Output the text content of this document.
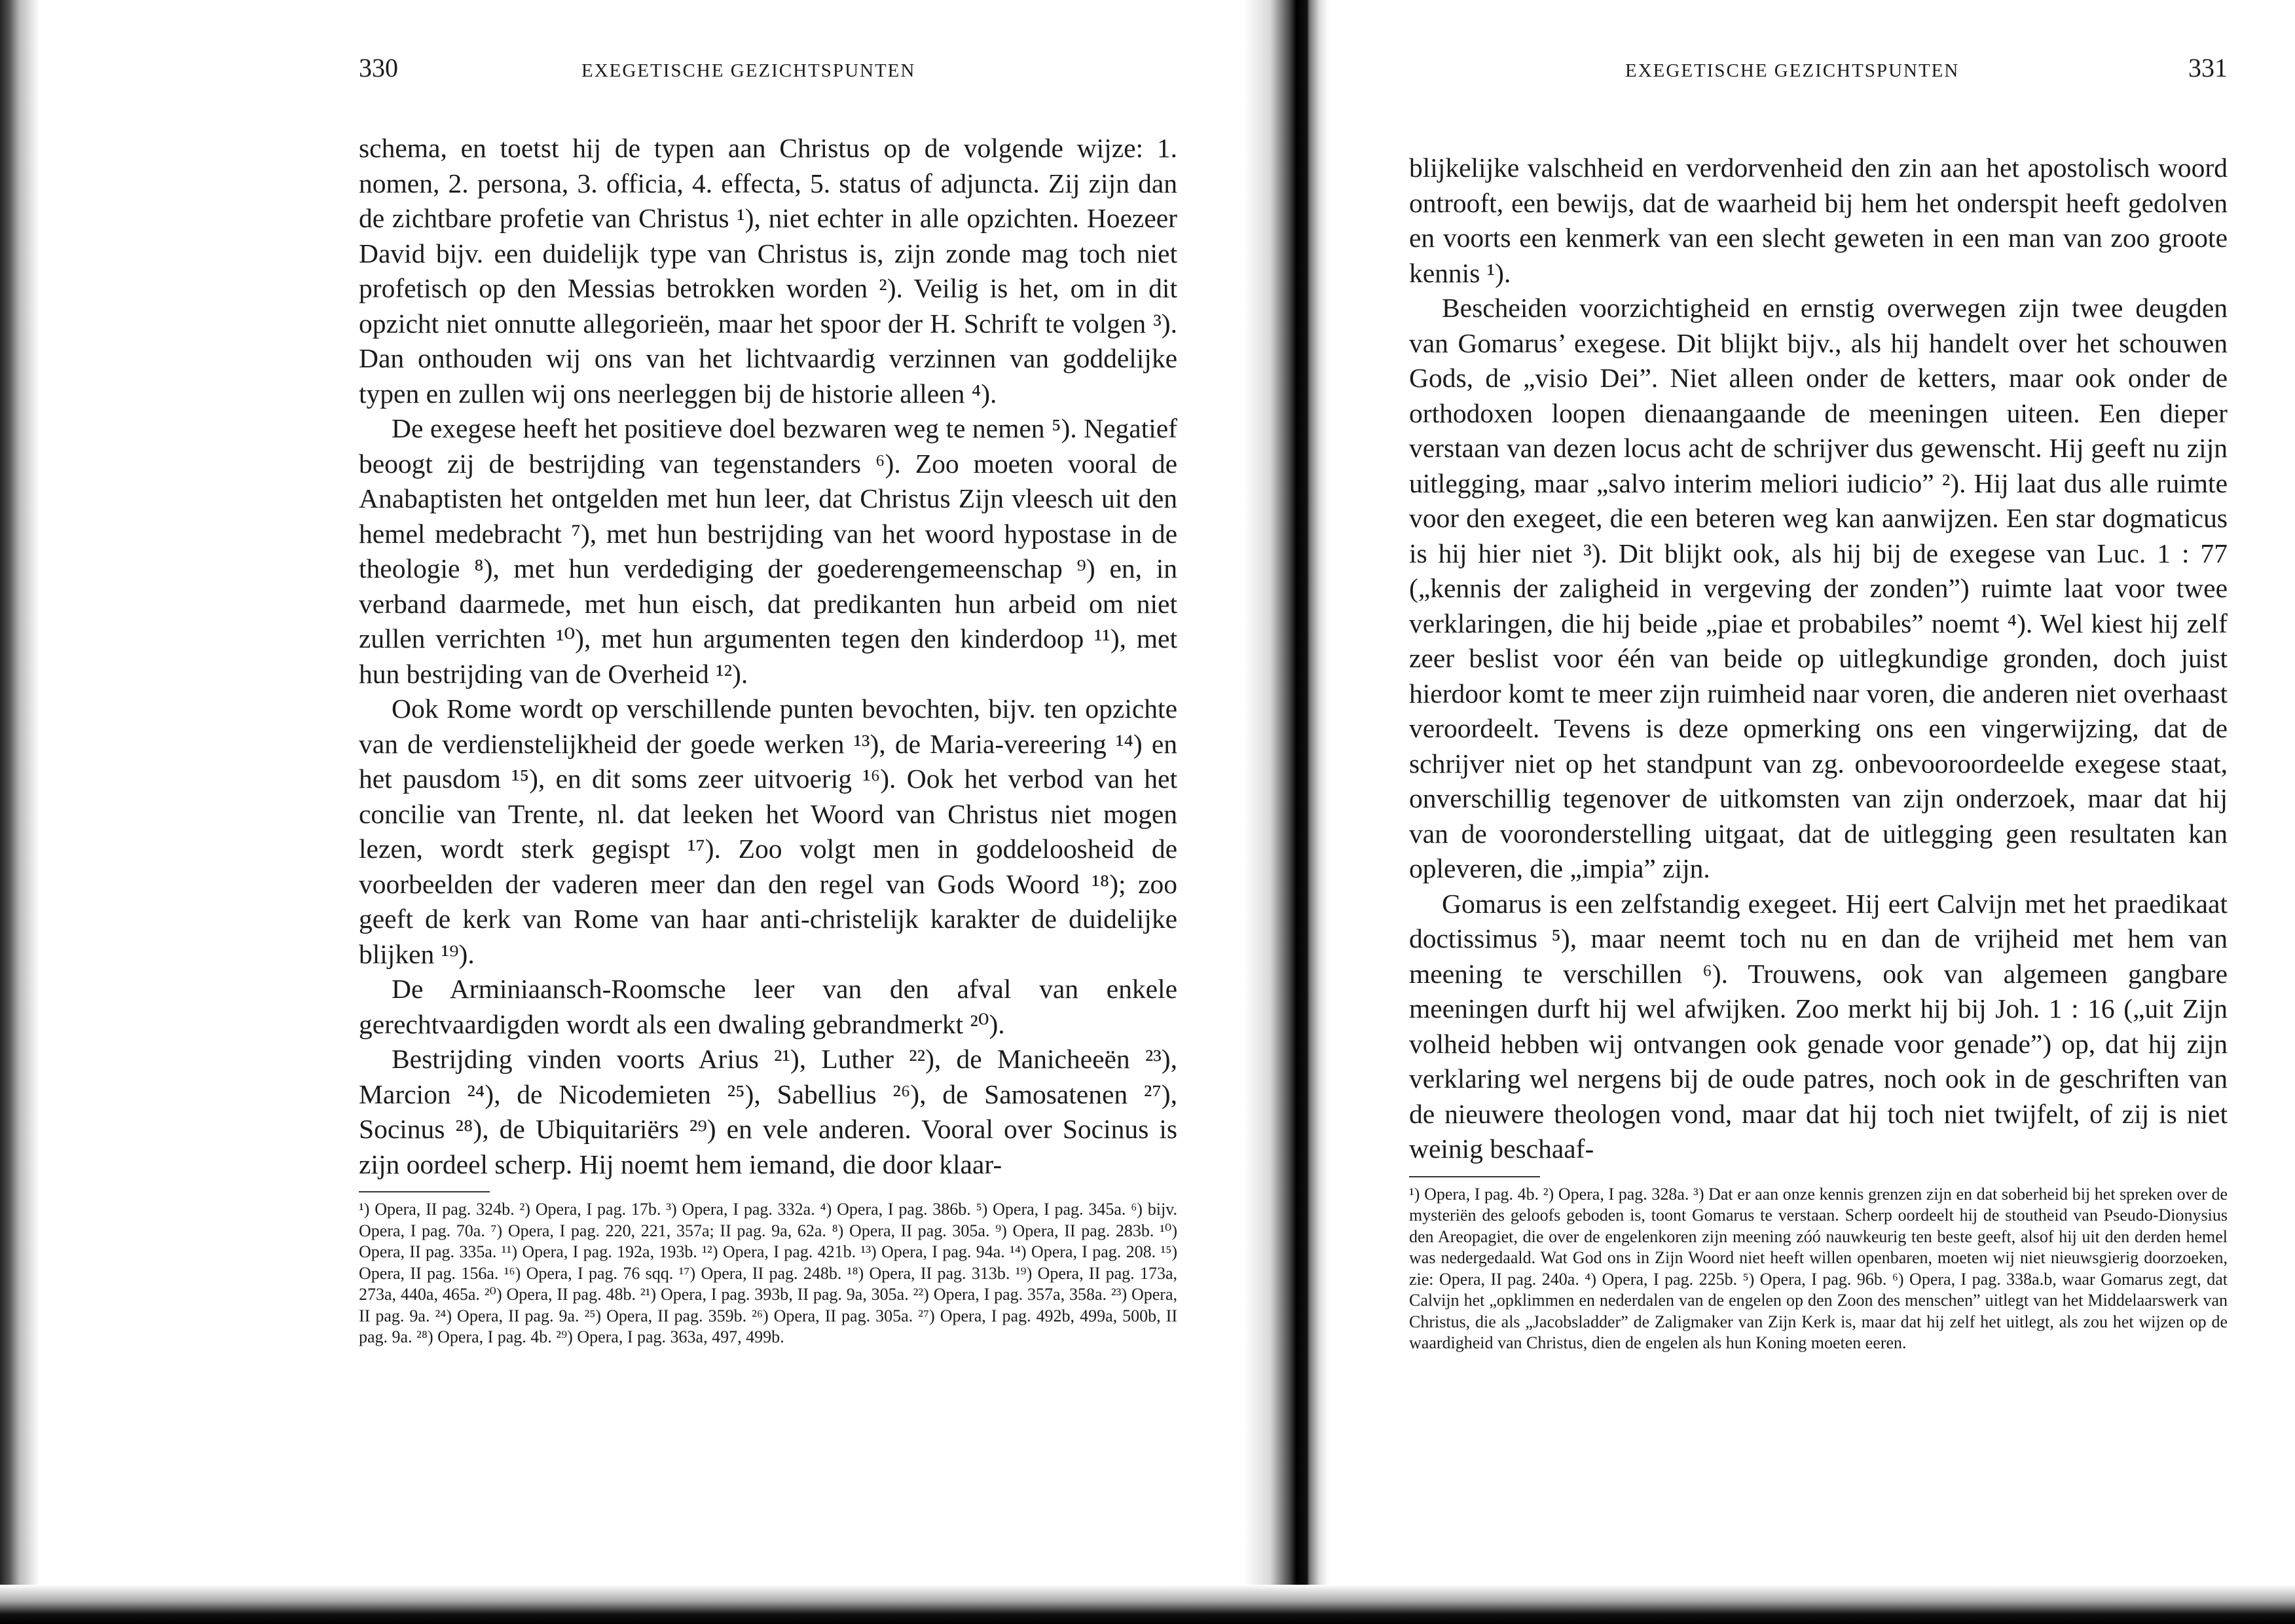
330	EXEGETISCHE GEZICHTSPUNTEN

schema, en toetst hij de typen aan Christus op de volgende wijze: 1. nomen, 2. persona, 3. officia, 4. effecta, 5. status of adjuncta. Zij zijn dan de zichtbare profetie van Christus ¹), niet echter in alle opzichten. Hoezeer David bijv. een duidelijk type van Christus is, zijn zonde mag toch niet profetisch op den Messias betrokken worden ²). Veilig is het, om in dit opzicht niet onnutte allegorieën, maar het spoor der H. Schrift te volgen ³). Dan onthouden wij ons van het lichtvaardig verzinnen van goddelijke typen en zullen wij ons neerleggen bij de historie alleen ⁴).

De exegese heeft het positieve doel bezwaren weg te nemen ⁵). Negatief beoogt zij de bestrijding van tegenstanders ⁶). Zoo moeten vooral de Anabaptisten het ontgelden met hun leer, dat Christus Zijn vleesch uit den hemel medebracht ⁷), met hun bestrijding van het woord hypostase in de theologie ⁸), met hun verdediging der goederengemeenschap ⁹) en, in verband daarmede, met hun eisch, dat predikanten hun arbeid om niet zullen verrichten ¹⁰), met hun argumenten tegen den kinderdoop ¹¹), met hun bestrijding van de Overheid ¹²).

Ook Rome wordt op verschillende punten bevochten, bijv. ten opzichte van de verdienstelijkheid der goede werken ¹³), de Maria-vereering ¹⁴) en het pausdom ¹⁵), en dit soms zeer uitvoerig ¹⁶). Ook het verbod van het concilie van Trente, nl. dat leeken het Woord van Christus niet mogen lezen, wordt sterk gegispt ¹⁷). Zoo volgt men in goddeloosheid de voorbeelden der vaderen meer dan den regel van Gods Woord ¹⁸); zoo geeft de kerk van Rome van haar anti-christelijk karakter de duidelijke blijken ¹⁹).

De Arminiaansch-Roomsche leer van den afval van enkele gerechtvaardigden wordt als een dwaling gebrandmerkt ²⁰).

Bestrijding vinden voorts Arius ²¹), Luther ²²), de Manicheeën ²³), Marcion ²⁴), de Nicodemieten ²⁵), Sabellius ²⁶), de Samosatenen ²⁷), Socinus ²⁸), de Ubiquitariërs ²⁹) en vele anderen. Vooral over Socinus is zijn oordeel scherp. Hij noemt hem iemand, die door klaar-

¹) Opera, II pag. 324b. ²) Opera, I pag. 17b. ³) Opera, I pag. 332a. ⁴) Opera, I pag. 386b. ⁵) Opera, I pag. 345a. ⁶) bijv. Opera, I pag. 70a. ⁷) Opera, I pag. 220, 221, 357a; II pag. 9a, 62a. ⁸) Opera, II pag. 305a. ⁹) Opera, II pag. 283b. ¹⁰) Opera, II pag. 335a. ¹¹) Opera, I pag. 192a, 193b. ¹²) Opera, I pag. 421b. ¹³) Opera, I pag. 94a. ¹⁴) Opera, I pag. 208. ¹⁵) Opera, II pag. 156a. ¹⁶) Opera, I pag. 76 sqq. ¹⁷) Opera, II pag. 248b. ¹⁸) Opera, II pag. 313b. ¹⁹) Opera, II pag. 173a, 273a, 440a, 465a. ²⁰) Opera, II pag. 48b. ²¹) Opera, I pag. 393b, II pag. 9a, 305a. ²²) Opera, I pag. 357a, 358a. ²³) Opera, II pag. 9a. ²⁴) Opera, II pag. 9a. ²⁵) Opera, II pag. 359b. ²⁶) Opera, II pag. 305a. ²⁷) Opera, I pag. 492b, 499a, 500b, II pag. 9a. ²⁸) Opera, I pag. 4b. ²⁹) Opera, I pag. 363a, 497, 499b.

EXEGETISCHE GEZICHTSPUNTEN	331

blijkelijke valschheid en verdorvenheid den zin aan het apostolisch woord ontrooft, een bewijs, dat de waarheid bij hem het onderspit heeft gedolven en voorts een kenmerk van een slecht geweten in een man van zoo groote kennis ¹).

Bescheiden voorzichtigheid en ernstig overwegen zijn twee deugden van Gomarus’ exegese. Dit blijkt bijv., als hij handelt over het schouwen Gods, de „visio Dei”. Niet alleen onder de ketters, maar ook onder de orthodoxen loopen dienaangaande de meeningen uiteen. Een dieper verstaan van dezen locus acht de schrijver dus gewenscht. Hij geeft nu zijn uitlegging, maar „salvo interim meliori iudicio” ²). Hij laat dus alle ruimte voor den exegeet, die een beteren weg kan aanwijzen. Een star dogmaticus is hij hier niet ³). Dit blijkt ook, als hij bij de exegese van Luc. 1 : 77 („kennis der zaligheid in vergeving der zonden”) ruimte laat voor twee verklaringen, die hij beide „piae et probabiles” noemt ⁴). Wel kiest hij zelf zeer beslist voor één van beide op uitlegkundige gronden, doch juist hierdoor komt te meer zijn ruimheid naar voren, die anderen niet overhaast veroordeelt. Tevens is deze opmerking ons een vingerwijzing, dat de schrijver niet op het standpunt van zg. onbevooroordeelde exegese staat, onverschillig tegenover de uitkomsten van zijn onderzoek, maar dat hij van de vooronderstelling uitgaat, dat de uitlegging geen resultaten kan opleveren, die „impia” zijn.

Gomarus is een zelfstandig exegeet. Hij eert Calvijn met het praedikaat doctissimus ⁵), maar neemt toch nu en dan de vrijheid met hem van meening te verschillen ⁶). Trouwens, ook van algemeen gangbare meeningen durft hij wel afwijken. Zoo merkt hij bij Joh. 1 : 16 („uit Zijn volheid hebben wij ontvangen ook genade voor genade”) op, dat hij zijn verklaring wel nergens bij de oude patres, noch ook in de geschriften van de nieuwere theologen vond, maar dat hij toch niet twijfelt, of zij is niet weinig beschaaf-

¹) Opera, I pag. 4b. ²) Opera, I pag. 328a. ³) Dat er aan onze kennis grenzen zijn en dat soberheid bij het spreken over de mysteriën des geloofs geboden is, toont Gomarus te verstaan. Scherp oordeelt hij de stoutheid van Pseudo-Dionysius den Areopagiet, die over de engelenkoren zijn meening zóó nauwkeurig ten beste geeft, alsof hij uit den derden hemel was nedergedaald. Wat God ons in Zijn Woord niet heeft willen openbaren, moeten wij niet nieuwsgierig doorzoeken, zie: Opera, II pag. 240a. ⁴) Opera, I pag. 225b. ⁵) Opera, I pag. 96b. ⁶) Opera, I pag. 338a.b, waar Gomarus zegt, dat Calvijn het „opklimmen en nederdalen van de engelen op den Zoon des menschen” uitlegt van het Middelaarswerk van Christus, die als „Jacobsladder” de Zaligmaker van Zijn Kerk is, maar dat hij zelf het uitlegt, als zou het wijzen op de waardigheid van Christus, dien de engelen als hun Koning moeten eeren.
